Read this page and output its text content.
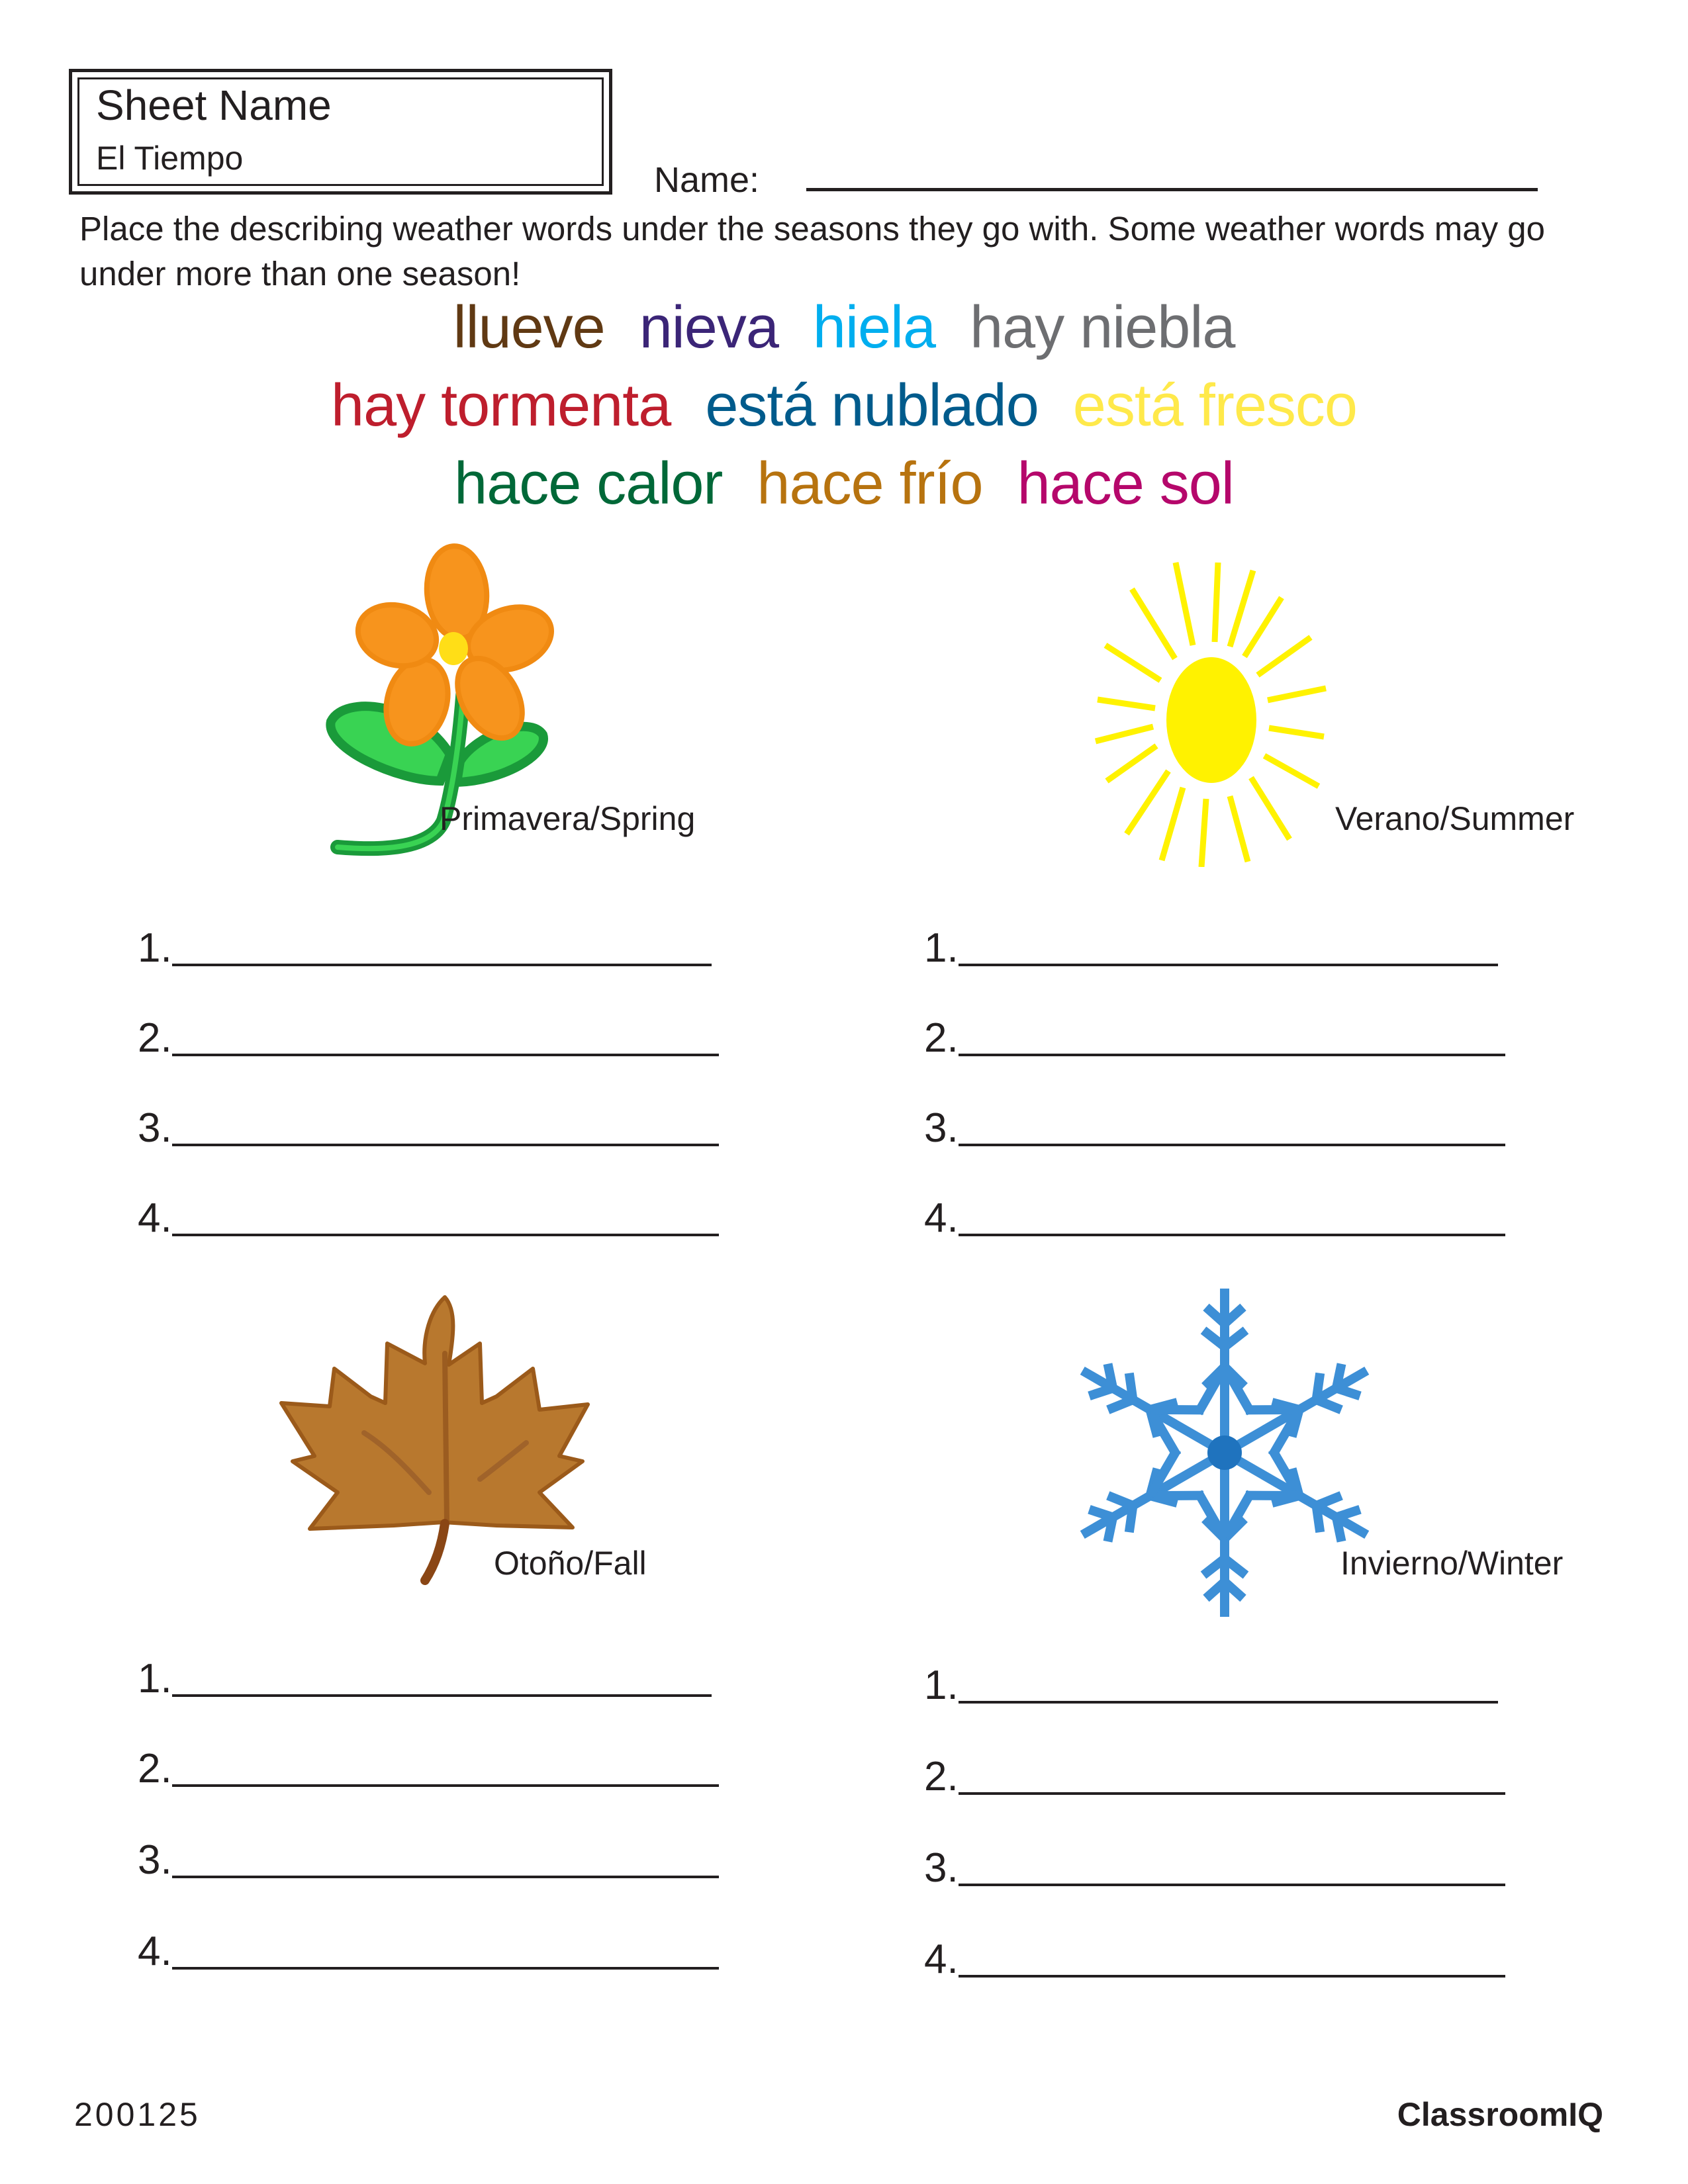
Sheet Name
El Tiempo
Name:
Place the describing weather words under the seasons they go with. Some weather words may go under more than one season!
llueve nieva hiela hay niebla
hay tormenta está nublado está fresco
hace calor hace frío hace sol
Primavera/Spring	Verano/Summer
1.
2.
3.
4.
1.
2.
3.
4.
Otoño/Fall	Invierno/Winter
1.
2.
3.
4.
1.
2.
3.
4.
200125	ClassroomIQ
